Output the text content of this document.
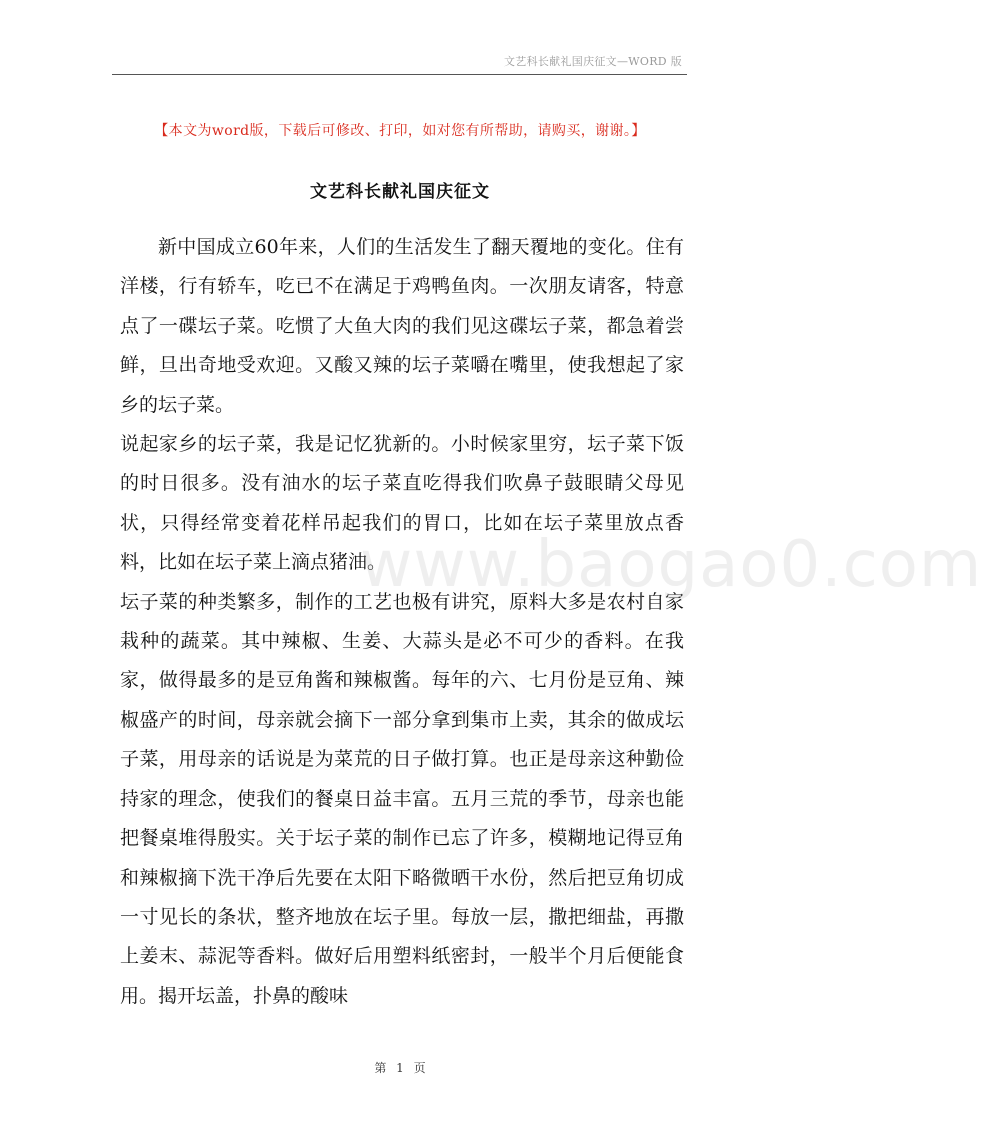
文艺科长献礼国庆征文—WORD 版
【本文为word版，下载后可修改、打印，如对您有所帮助，请购买，谢谢。】
文艺科长献礼国庆征文

新中国成立60年来，人们的生活发生了翻天覆地的变化。住有洋楼，行有轿车，吃已不在满足于鸡鸭鱼肉。一次朋友请客，特意点了一碟坛子菜。吃惯了大鱼大肉的我们见这碟坛子菜，都急着尝鲜，旦出奇地受欢迎。又酸又辣的坛子菜嚼在嘴里，使我想起了家乡的坛子菜。

说起家乡的坛子菜，我是记忆犹新的。小时候家里穷，坛子菜下饭的时日很多。没有油水的坛子菜直吃得我们吹鼻子鼓眼睛父母见状，只得经常变着花样吊起我们的胃口，比如在坛子菜里放点香料，比如在坛子菜上滴点猪油。

坛子菜的种类繁多，制作的工艺也极有讲究，原料大多是农村自家栽种的蔬菜。其中辣椒、生姜、大蒜头是必不可少的香料。在我家，做得最多的是豆角酱和辣椒酱。每年的六、七月份是豆角、辣椒盛产的时间，母亲就会摘下一部分拿到集市上卖，其余的做成坛子菜，用母亲的话说是为菜荒的日子做打算。也正是母亲这种勤俭持家的理念，使我们的餐桌日益丰富。五月三荒的季节，母亲也能把餐桌堆得殷实。关于坛子菜的制作已忘了许多，模糊地记得豆角和辣椒摘下洗干净后先要在太阳下略微晒干水份，然后把豆角切成一寸见长的条状，整齐地放在坛子里。每放一层，撒把细盐，再撒上姜末、蒜泥等香料。做好后用塑料纸密封，一般半个月后便能食用。揭开坛盖，扑鼻的酸味

www.baogao0.com
第 1 页
